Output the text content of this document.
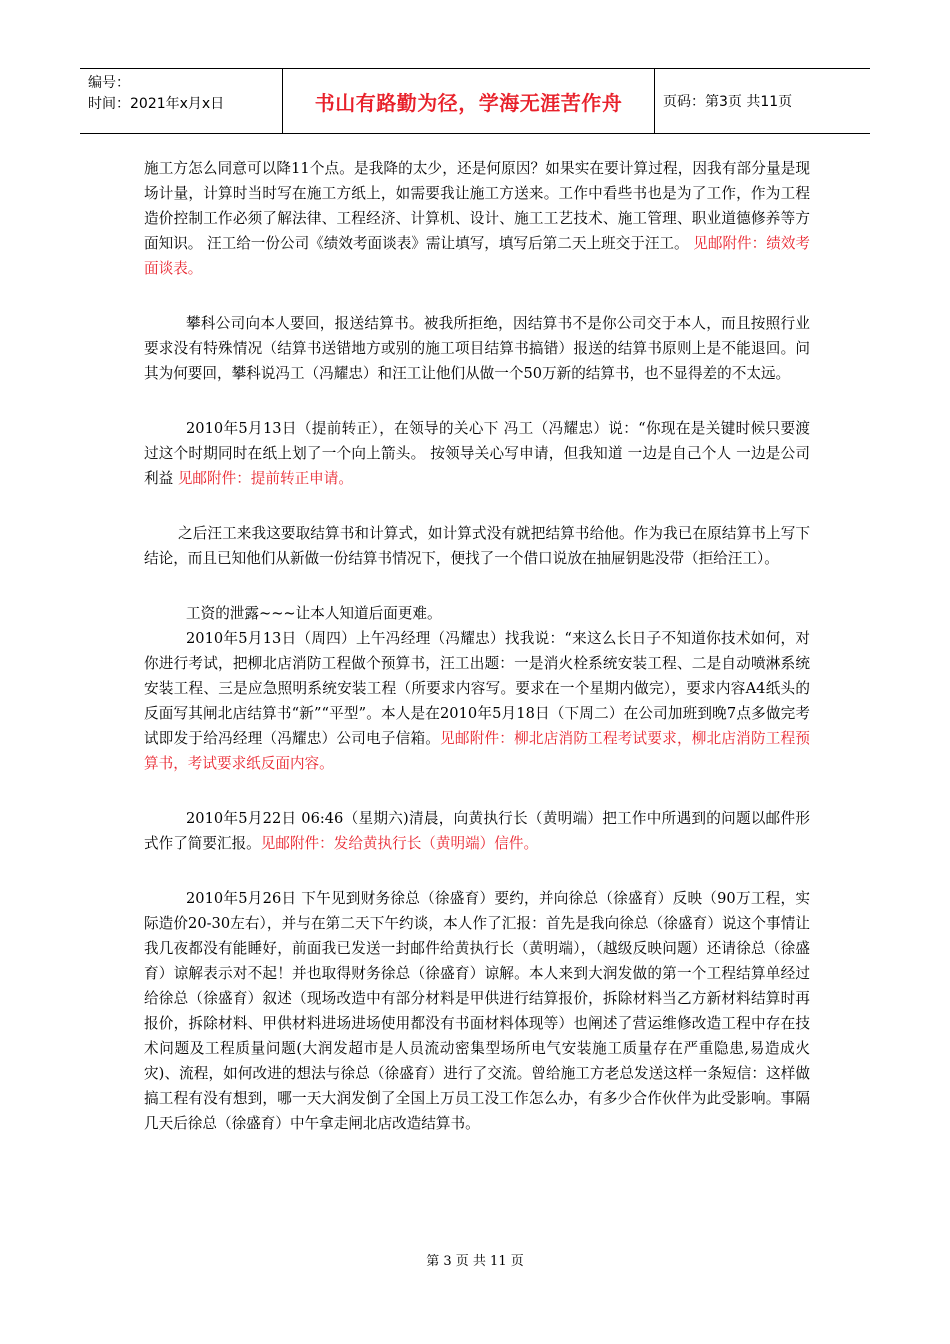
编号：
时间：2021年x月x日	书山有路勤为径，学海无涯苦作舟	页码：第3页 共11页

施工方怎么同意可以降11个点。是我降的太少，还是何原因？如果实在要计算过程，因我有部分量是现场计量，计算时当时写在施工方纸上，如需要我让施工方送来。工作中看些书也是为了工作，作为工程造价控制工作必须了解法律、工程经济、计算机、设计、施工工艺技术、施工管理、职业道德修养等方面知识。 汪工给一份公司《绩效考面谈表》需让填写，填写后第二天上班交于汪工。 见邮附件：绩效考面谈表。

攀科公司向本人要回，报送结算书。被我所拒绝，因结算书不是你公司交于本人，而且按照行业要求没有特殊情况（结算书送错地方或别的施工项目结算书搞错）报送的结算书原则上是不能退回。问其为何要回，攀科说冯工（冯耀忠）和汪工让他们从做一个50万新的结算书，也不显得差的不太远。

2010年5月13日（提前转正），在领导的关心下 冯工（冯耀忠）说：“你现在是关键时候只要渡过这个时期同时在纸上划了一个向上箭头。 按领导关心写申请，但我知道 一边是自己个人 一边是公司利益 见邮附件：提前转正申请。

之后汪工来我这要取结算书和计算式，如计算式没有就把结算书给他。作为我已在原结算书上写下结论，而且已知他们从新做一份结算书情况下，便找了一个借口说放在抽屉钥匙没带（拒给汪工）。

工资的泄露~~~让本人知道后面更难。

2010年5月13日（周四）上午冯经理（冯耀忠）找我说：“来这么长日子不知道你技术如何，对你进行考试，把柳北店消防工程做个预算书，汪工出题：一是消火栓系统安装工程、二是自动喷淋系统安装工程、三是应急照明系统安装工程（所要求内容写。要求在一个星期内做完），要求内容A4纸头的反面写其闸北店结算书“新”“平型”。本人是在2010年5月18日（下周二）在公司加班到晚7点多做完考试即发于给冯经理（冯耀忠）公司电子信箱。见邮附件：柳北店消防工程考试要求，柳北店消防工程预算书，考试要求纸反面内容。

2010年5月22日 06:46（星期六)清晨，向黄执行长（黄明端）把工作中所遇到的问题以邮件形式作了简要汇报。见邮附件：发给黄执行长（黄明端）信件。

2010年5月26日 下午见到财务徐总（徐盛育）要约，并向徐总（徐盛育）反映（90万工程，实际造价20-30左右），并与在第二天下午约谈，本人作了汇报：首先是我向徐总（徐盛育）说这个事情让我几夜都没有能睡好，前面我已发送一封邮件给黄执行长（黄明端），（越级反映问题）还请徐总（徐盛育）谅解表示对不起！并也取得财务徐总（徐盛育）谅解。本人来到大润发做的第一个工程结算单经过给徐总（徐盛育）叙述（现场改造中有部分材料是甲供进行结算报价，拆除材料当乙方新材料结算时再报价，拆除材料、甲供材料进场进场使用都没有书面材料体现等）也阐述了营运维修改造工程中存在技术问题及工程质量问题(大润发超市是人员流动密集型场所电气安装施工质量存在严重隐患,易造成火灾)、流程，如何改进的想法与徐总（徐盛育）进行了交流。曾给施工方老总发送这样一条短信：这样做搞工程有没有想到，哪一天大润发倒了全国上万员工没工作怎么办，有多少合作伙伴为此受影响。事隔几天后徐总（徐盛育）中午拿走闸北店改造结算书。

第 3 页 共 11 页
